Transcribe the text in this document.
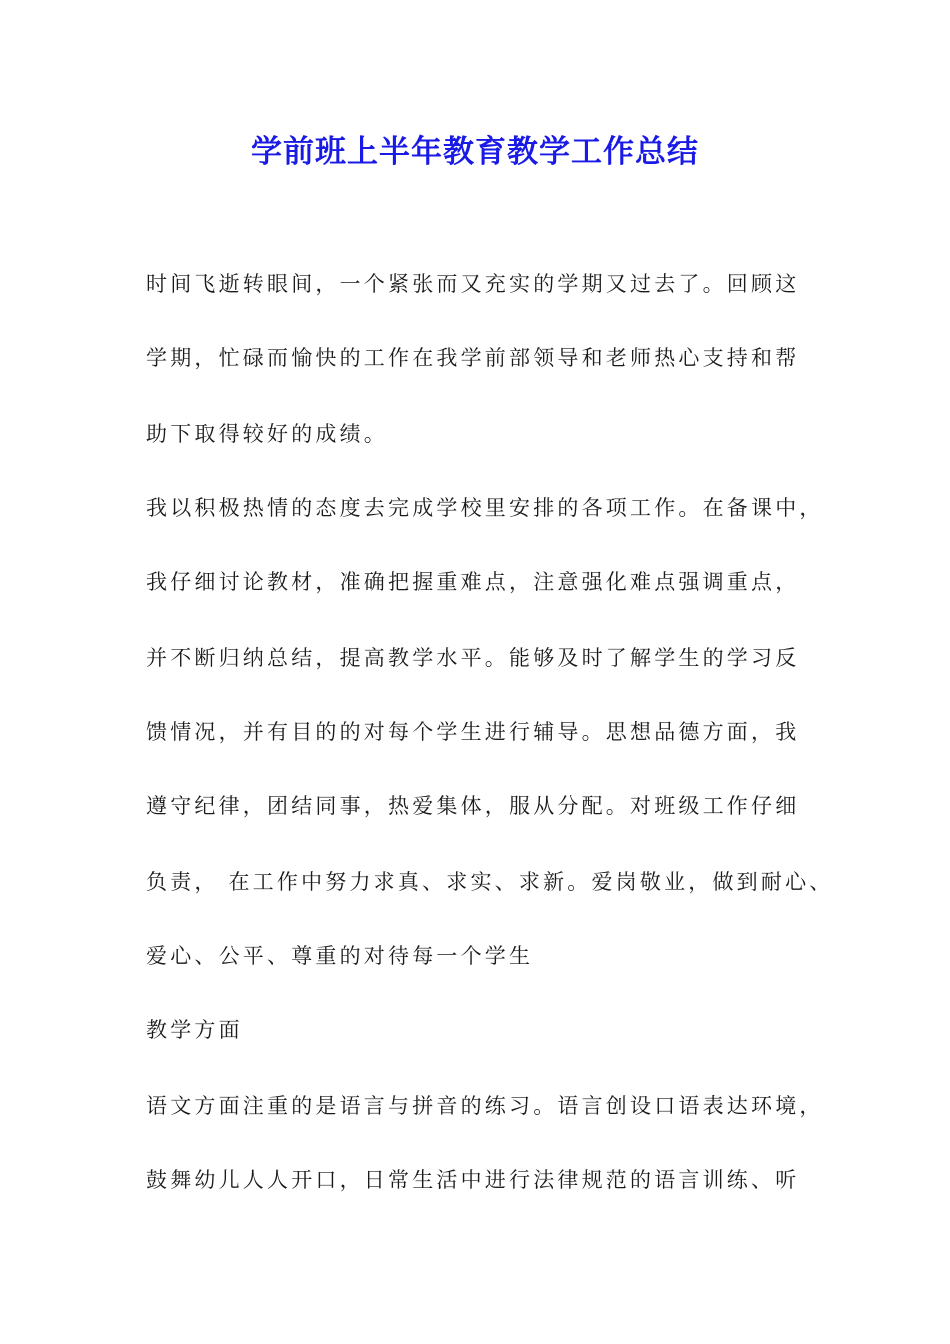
学前班上半年教育教学工作总结

时间飞逝转眼间，一个紧张而又充实的学期又过去了。回顾这

学期，忙碌而愉快的工作在我学前部领导和老师热心支持和帮

助下取得较好的成绩。

我以积极热情的态度去完成学校里安排的各项工作。在备课中，

我仔细讨论教材，准确把握重难点，注意强化难点强调重点，

并不断归纳总结，提高教学水平。能够及时了解学生的学习反

馈情况，并有目的的对每个学生进行辅导。思想品德方面，我

遵守纪律，团结同事，热爱集体，服从分配。对班级工作仔细

负责， 在工作中努力求真、求实、求新。爱岗敬业，做到耐心、

爱心、公平、尊重的对待每一个学生

教学方面

语文方面注重的是语言与拼音的练习。语言创设口语表达环境，

鼓舞幼儿人人开口，日常生活中进行法律规范的语言训练、听
